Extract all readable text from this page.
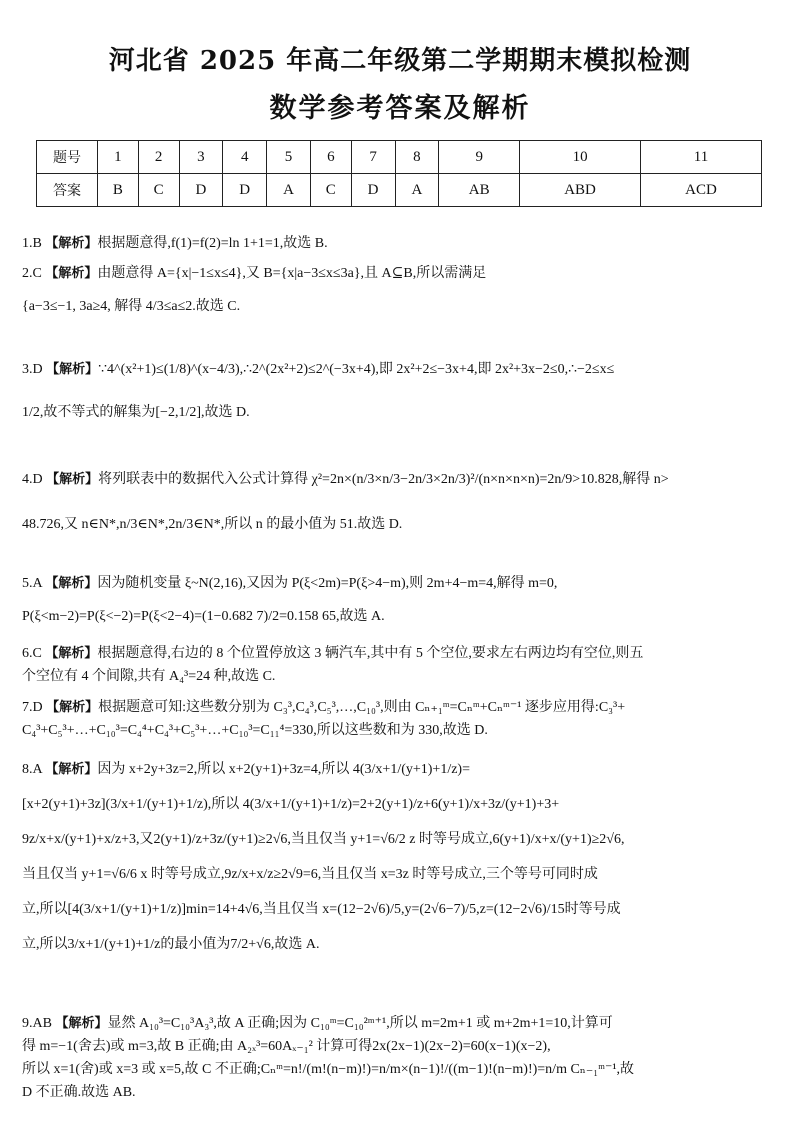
河北省 2025 年高二年级第二学期期末模拟检测
数学参考答案及解析
题号	1	2	3	4	5	6	7	8	9	10	11
答案	B	C	D	D	A	C	D	A	AB	ABD	ACD
1.B 【解析】根据题意得,f(1)=f(2)=ln 1+1=1,故选 B.
2.C 【解析】由题意得 A={x|−1≤x≤4},又 B={x|a−3≤x≤3a},且 A⊆B,所以需满足
{a−3≤−1, 3a≥4, 解得 4/3≤a≤2.故选 C.
3.D 【解析】∵4^(x²+1)≤(1/8)^(x−4/3),∴2^(2x²+2)≤2^(−3x+4),即 2x²+2≤−3x+4,即 2x²+3x−2≤0,∴−2≤x≤
1/2,故不等式的解集为[−2,1/2],故选 D.
4.D 【解析】将列联表中的数据代入公式计算得 χ²=2n×(n/3×n/3−2n/3×2n/3)²/(n×n×n×n)=2n/9>10.828,解得 n>
48.726,又 n∈N*,n/3∈N*,2n/3∈N*,所以 n 的最小值为 51.故选 D.
5.A 【解析】因为随机变量 ξ~N(2,16),又因为 P(ξ<2m)=P(ξ>4−m),则 2m+4−m=4,解得 m=0,
P(ξ<m−2)=P(ξ<−2)=P(ξ<2−4)=(1−0.682 7)/2=0.158 65,故选 A.
6.C 【解析】根据题意得,右边的 8 个位置停放这 3 辆汽车,其中有 5 个空位,要求左右两边均有空位,则五
个空位有 4 个间隙,共有 A₄³=24 种,故选 C.
7.D 【解析】根据题意可知:这些数分别为 C₃³,C₄³,C₅³,…,C₁₀³,则由 Cₙ₊₁ᵐ=Cₙᵐ+Cₙᵐ⁻¹ 逐步应用得:C₃³+
C₄³+C₅³+…+C₁₀³=C₄⁴+C₄³+C₅³+…+C₁₀³=C₁₁⁴=330,所以这些数和为 330,故选 D.
8.A 【解析】因为 x+2y+3z=2,所以 x+2(y+1)+3z=4,所以 4(3/x+1/(y+1)+1/z)=
[x+2(y+1)+3z](3/x+1/(y+1)+1/z),所以 4(3/x+1/(y+1)+1/z)=2+2(y+1)/z+6(y+1)/x+3z/(y+1)+3+
9z/x+x/(y+1)+x/z+3,又2(y+1)/z+3z/(y+1)≥2√6,当且仅当 y+1=√6/2 z 时等号成立,6(y+1)/x+x/(y+1)≥2√6,
当且仅当 y+1=√6/6 x 时等号成立,9z/x+x/z≥2√9=6,当且仅当 x=3z 时等号成立,三个等号可同时成
立,所以[4(3/x+1/(y+1)+1/z)]min=14+4√6,当且仅当 x=(12−2√6)/5,y=(2√6−7)/5,z=(12−2√6)/15时等号成
立,所以3/x+1/(y+1)+1/z的最小值为7/2+√6,故选 A.
9.AB 【解析】显然 A₁₀³=C₁₀³A₃³,故 A 正确;因为 C₁₀ᵐ=C₁₀²ᵐ⁺¹,所以 m=2m+1 或 m+2m+1=10,计算可
得 m=−1(舍去)或 m=3,故 B 正确;由 A₂ₓ³=60Aₓ₋₁² 计算可得2x(2x−1)(2x−2)=60(x−1)(x−2),
所以 x=1(舍)或 x=3 或 x=5,故 C 不正确;Cₙᵐ=n!/(m!(n−m)!)=n/m×(n−1)!/((m−1)!(n−m)!)=n/m Cₙ₋₁ᵐ⁻¹,故
D 不正确.故选 AB.
